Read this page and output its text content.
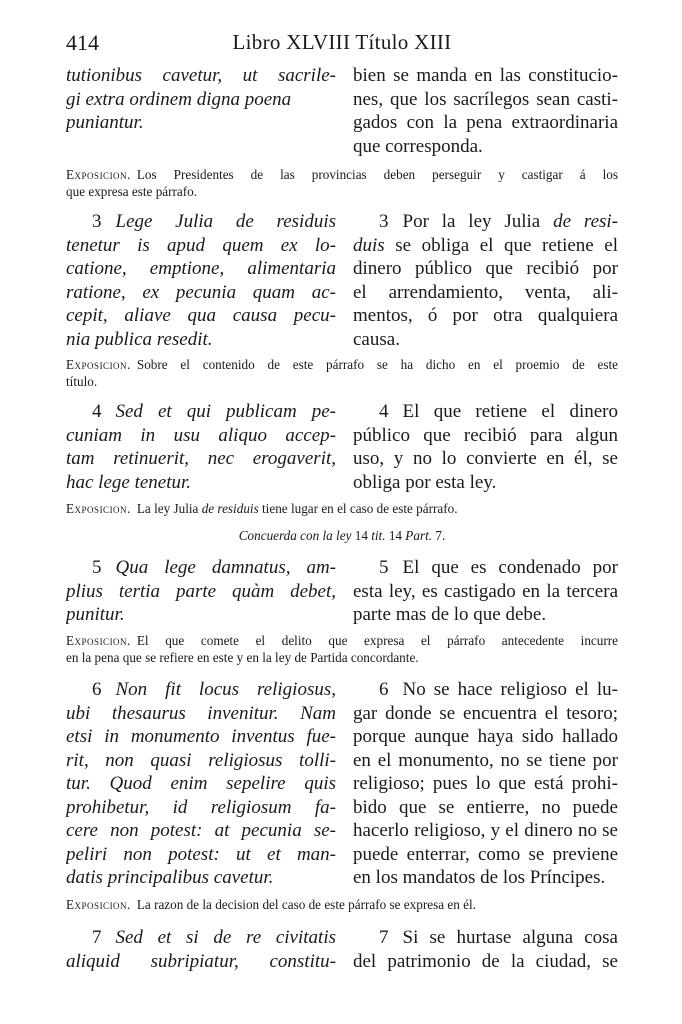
414	Libro XLVIII Título XIII
tutionibus cavetur, ut sacrile-
gi extra ordinem digna poena
puniantur.
bien se manda en las constitucio-
nes, que los sacrílegos sean casti-
gados con la pena extraordinaria
que corresponda.
Exposicion. Los Presidentes de las provincias deben perseguir y castigar á los
que expresa este párrafo.
3 Lege Julia de residuis
tenetur is apud quem ex lo-
catione, emptione, alimentaria
ratione, ex pecunia quam ac-
cepit, aliave qua causa pecu-
nia publica resedit.
3 Por la ley Julia de resi-
duis se obliga el que retiene el
dinero público que recibió por
el arrendamiento, venta, ali-
mentos, ó por otra qualquiera
causa.
Exposicion. Sobre el contenido de este párrafo se ha dicho en el proemio de este
título.
4 Sed et qui publicam pe-
cuniam in usu aliquo accep-
tam retinuerit, nec erogaverit,
hac lege tenetur.
4 El que retiene el dinero
público que recibió para algun
uso, y no lo convierte en él, se
obliga por esta ley.
Exposicion. La ley Julia de residuis tiene lugar en el caso de este párrafo.
Concuerda con la ley 14 tit. 14 Part. 7.
5 Qua lege damnatus, am-
plius tertia parte quàm debet,
punitur.
5 El que es condenado por
esta ley, es castigado en la tercera
parte mas de lo que debe.
Exposicion. El que comete el delito que expresa el párrafo antecedente incurre
en la pena que se refiere en este y en la ley de Partida concordante.
6 Non fit locus religiosus,
ubi thesaurus invenitur. Nam
etsi in monumento inventus fue-
rit, non quasi religiosus tolli-
tur. Quod enim sepelire quis
prohibetur, id religiosum fa-
cere non potest: at pecunia se-
peliri non potest: ut et man-
datis principalibus cavetur.
6 No se hace religioso el lu-
gar donde se encuentra el tesoro;
porque aunque haya sido hallado
en el monumento, no se tiene por
religioso; pues lo que está prohi-
bido que se entierre, no puede
hacerlo religioso, y el dinero no se
puede enterrar, como se previene
en los mandatos de los Príncipes.
Exposicion. La razon de la decision del caso de este párrafo se expresa en él.
7 Sed et si de re civitatis
aliquid subripiatur, constitu-
7 Si se hurtase alguna cosa
del patrimonio de la ciudad, se
